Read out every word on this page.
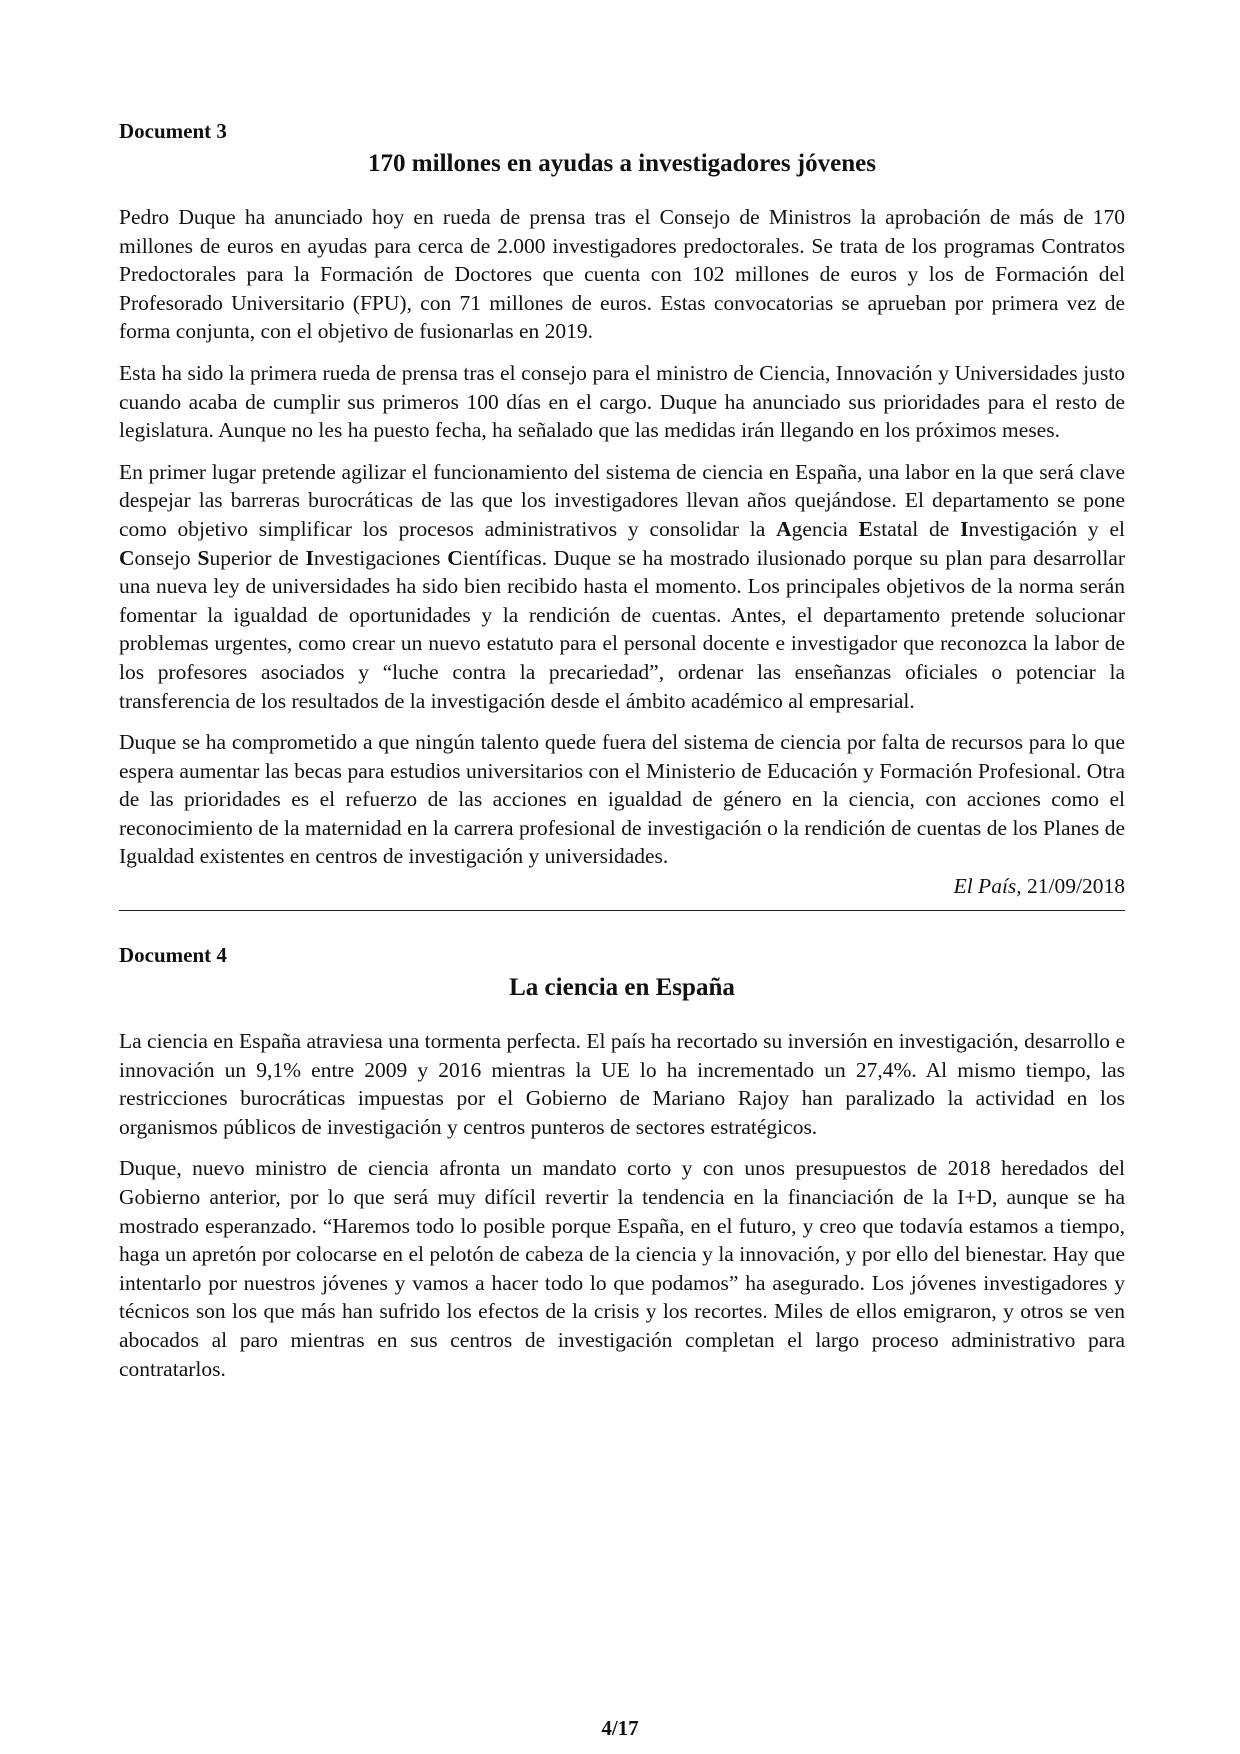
Document 3

170 millones en ayudas a investigadores jóvenes

Pedro Duque ha anunciado hoy en rueda de prensa tras el Consejo de Ministros la aprobación de más de 170 millones de euros en ayudas para cerca de 2.000 investigadores predoctorales. Se trata de los programas Contratos Predoctorales para la Formación de Doctores que cuenta con 102 millones de euros y los de Formación del Profesorado Universitario (FPU), con 71 millones de euros. Estas convocatorias se aprueban por primera vez de forma conjunta, con el objetivo de fusionarlas en 2019.

Esta ha sido la primera rueda de prensa tras el consejo para el ministro de Ciencia, Innovación y Universidades justo cuando acaba de cumplir sus primeros 100 días en el cargo. Duque ha anunciado sus prioridades para el resto de legislatura. Aunque no les ha puesto fecha, ha señalado que las medidas irán llegando en los próximos meses.

En primer lugar pretende agilizar el funcionamiento del sistema de ciencia en España, una labor en la que será clave despejar las barreras burocráticas de las que los investigadores llevan años quejándose. El departamento se pone como objetivo simplificar los procesos administrativos y consolidar la Agencia Estatal de Investigación y el Consejo Superior de Investigaciones Científicas. Duque se ha mostrado ilusionado porque su plan para desarrollar una nueva ley de universidades ha sido bien recibido hasta el momento. Los principales objetivos de la norma serán fomentar la igualdad de oportunidades y la rendición de cuentas. Antes, el departamento pretende solucionar problemas urgentes, como crear un nuevo estatuto para el personal docente e investigador que reconozca la labor de los profesores asociados y “luche contra la precariedad”, ordenar las enseñanzas oficiales o potenciar la transferencia de los resultados de la investigación desde el ámbito académico al empresarial.

Duque se ha comprometido a que ningún talento quede fuera del sistema de ciencia por falta de recursos para lo que espera aumentar las becas para estudios universitarios con el Ministerio de Educación y Formación Profesional. Otra de las prioridades es el refuerzo de las acciones en igualdad de género en la ciencia, con acciones como el reconocimiento de la maternidad en la carrera profesional de investigación o la rendición de cuentas de los Planes de Igualdad existentes en centros de investigación y universidades.

El País, 21/09/2018

Document 4

La ciencia en España

La ciencia en España atraviesa una tormenta perfecta. El país ha recortado su inversión en investigación, desarrollo e innovación un 9,1% entre 2009 y 2016 mientras la UE lo ha incrementado un 27,4%. Al mismo tiempo, las restricciones burocráticas impuestas por el Gobierno de Mariano Rajoy han paralizado la actividad en los organismos públicos de investigación y centros punteros de sectores estratégicos.

Duque, nuevo ministro de ciencia afronta un mandato corto y con unos presupuestos de 2018 heredados del Gobierno anterior, por lo que será muy difícil revertir la tendencia en la financiación de la I+D, aunque se ha mostrado esperanzado. “Haremos todo lo posible porque España, en el futuro, y creo que todavía estamos a tiempo, haga un apretón por colocarse en el pelotón de cabeza de la ciencia y la innovación, y por ello del bienestar. Hay que intentarlo por nuestros jóvenes y vamos a hacer todo lo que podamos” ha asegurado. Los jóvenes investigadores y técnicos son los que más han sufrido los efectos de la crisis y los recortes. Miles de ellos emigraron, y otros se ven abocados al paro mientras en sus centros de investigación completan el largo proceso administrativo para contratarlos.

4/17
